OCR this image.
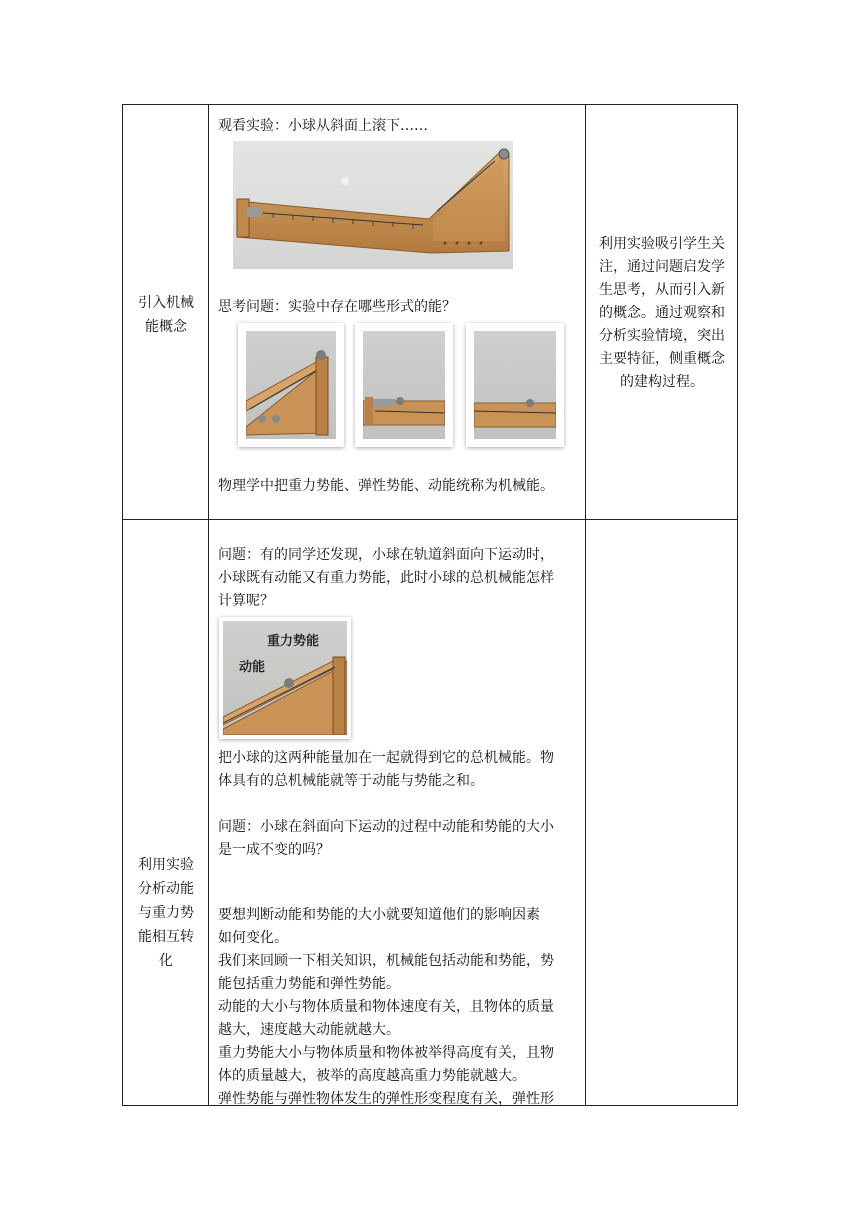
引入机械
能概念
观看实验：小球从斜面上滚下……
思考问题：实验中存在哪些形式的能？
物理学中把重力势能、弹性势能、动能统称为机械能。
利用实验吸引学生关
注，通过问题启发学
生思考，从而引入新
的概念。通过观察和
分析实验情境，突出
主要特征，侧重概念
的建构过程。
利用实验
分析动能
与重力势
能相互转
化
问题：有的同学还发现，小球在轨道斜面向下运动时，
小球既有动能又有重力势能，此时小球的总机械能怎样
计算呢？
重力势能
动能
把小球的这两种能量加在一起就得到它的总机械能。物
体具有的总机械能就等于动能与势能之和。
问题：小球在斜面向下运动的过程中动能和势能的大小
是一成不变的吗？
要想判断动能和势能的大小就要知道他们的影响因素
如何变化。
我们来回顾一下相关知识，机械能包括动能和势能，势
能包括重力势能和弹性势能。
动能的大小与物体质量和物体速度有关，且物体的质量
越大，速度越大动能就越大。
重力势能大小与物体质量和物体被举得高度有关，且物
体的质量越大，被举的高度越高重力势能就越大。
弹性势能与弹性物体发生的弹性形变程度有关，弹性形
